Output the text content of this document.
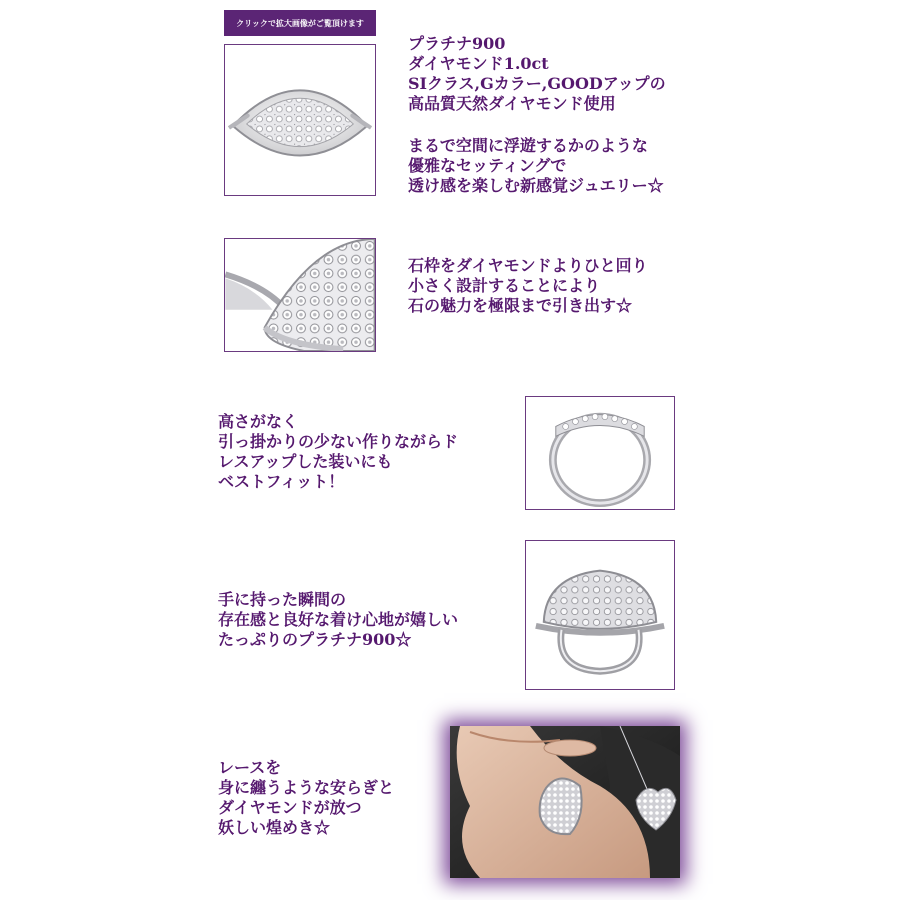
クリックで拡大画像がご覧頂けます
プラチナ900
ダイヤモンド1.0ct
SIクラス,Gカラー,GOODアップの
高品質天然ダイヤモンド使用
まるで空間に浮遊するかのような
優雅なセッティングで
透け感を楽しむ新感覚ジュエリー☆
石枠をダイヤモンドよりひと回り
小さく設計することにより
石の魅力を極限まで引き出す☆
高さがなく
引っ掛かりの少ない作りながらド
レスアップした装いにも
ベストフィット！
手に持った瞬間の
存在感と良好な着け心地が嬉しい
たっぷりのプラチナ900☆
レースを
身に纏うような安らぎと
ダイヤモンドが放つ
妖しい煌めき☆
